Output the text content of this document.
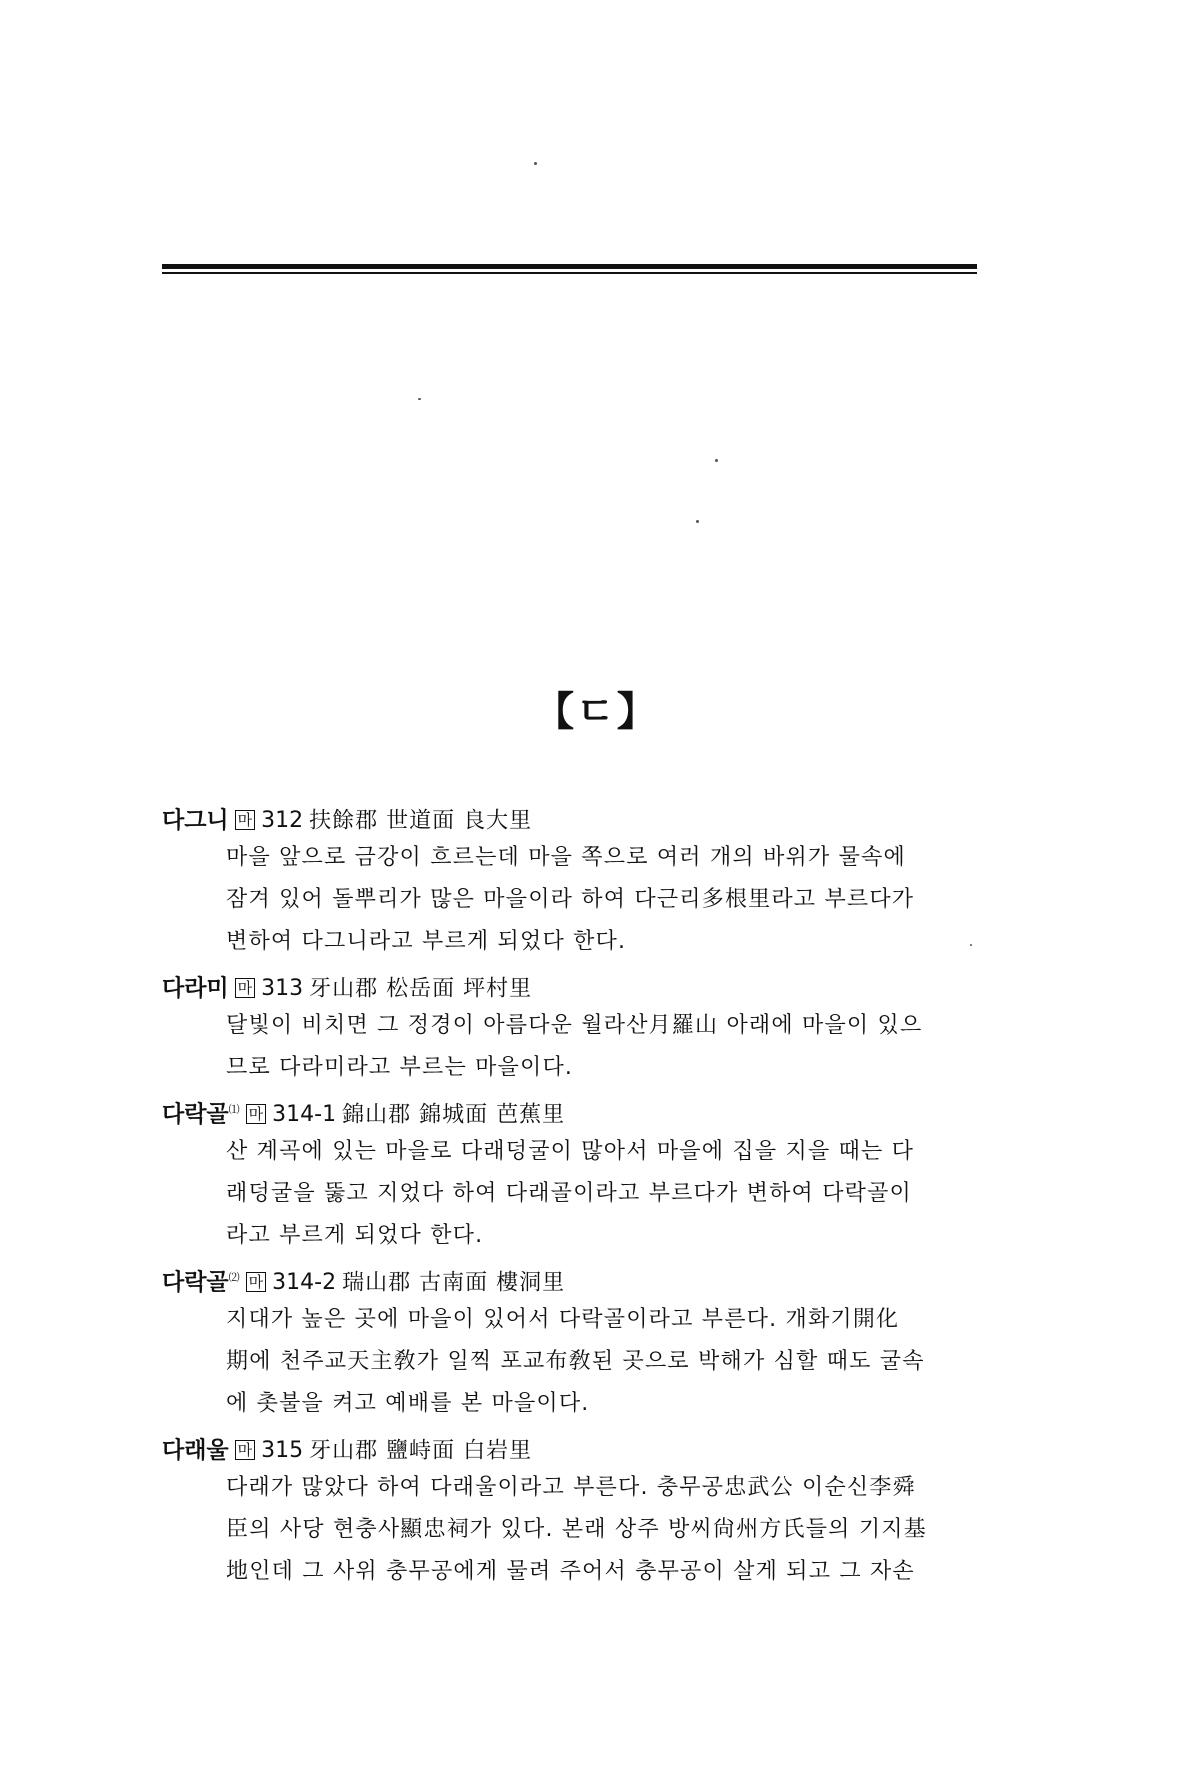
【ㄷ】
다그니 마 312 扶餘郡 世道面 良大里
마을 앞으로 금강이 흐르는데 마을 쪽으로 여러 개의 바위가 물속에
잠겨 있어 돌뿌리가 많은 마을이라 하여 다근리多根里라고 부르다가
변하여 다그니라고 부르게 되었다 한다.
다라미 마 313 牙山郡 松岳面 坪村里
달빛이 비치면 그 정경이 아름다운 월라산月羅山 아래에 마을이 있으
므로 다라미라고 부르는 마을이다.
다락골⑴ 마 314-1 錦山郡 錦城面 芭蕉里
산 계곡에 있는 마을로 다래덩굴이 많아서 마을에 집을 지을 때는 다
래덩굴을 뚫고 지었다 하여 다래골이라고 부르다가 변하여 다락골이
라고 부르게 되었다 한다.
다락골⑵ 마 314-2 瑞山郡 古南面 樓洞里
지대가 높은 곳에 마을이 있어서 다락골이라고 부른다. 개화기開化
期에 천주교天主敎가 일찍 포교布敎된 곳으로 박해가 심할 때도 굴속
에 촛불을 켜고 예배를 본 마을이다.
다래울 마 315 牙山郡 鹽峙面 白岩里
다래가 많았다 하여 다래울이라고 부른다. 충무공忠武公 이순신李舜
臣의 사당 현충사顯忠祠가 있다. 본래 상주 방씨尙州方氏들의 기지基
地인데 그 사위 충무공에게 물려 주어서 충무공이 살게 되고 그 자손
